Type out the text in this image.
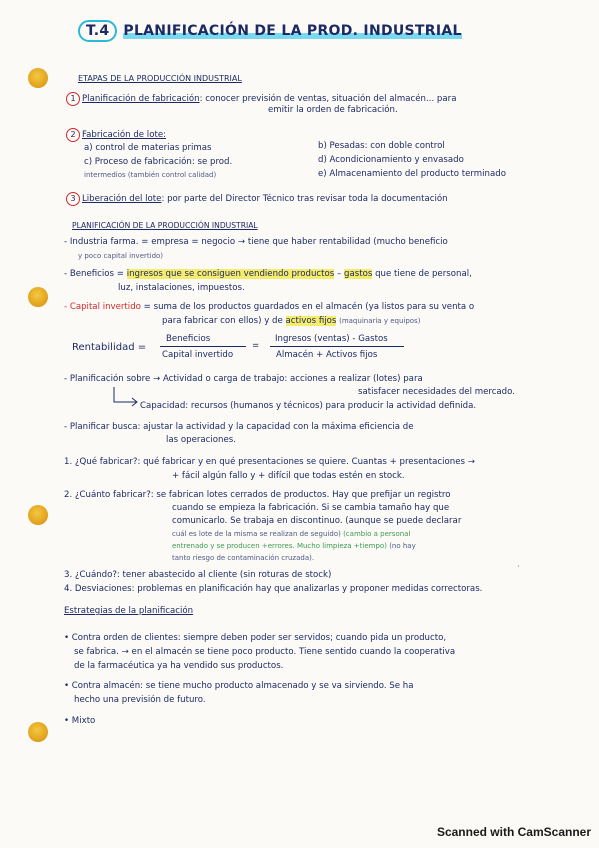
T.4 PLANIFICACIÓN DE LA PROD. INDUSTRIAL
ETAPAS DE LA PRODUCCIÓN INDUSTRIAL
1 Planificación de fabricación: conocer previsión de ventas, situación del almacén... para
emitir la orden de fabricación.
2 Fabricación de lote:
a) control de materias primas	b) Pesadas: con doble control
c) Proceso de fabricación: se prod.	d) Acondicionamiento y envasado
intermedios (también control calidad)	e) Almacenamiento del producto terminado
3 Liberación del lote: por parte del Director Técnico tras revisar toda la documentación
PLANIFICACIÓN DE LA PRODUCCIÓN INDUSTRIAL
- Industria farma. = empresa = negocio → tiene que haber rentabilidad (mucho beneficio
y poco capital invertido)
- Beneficios = ingresos que se consiguen vendiendo productos – gastos que tiene de personal,
luz, instalaciones, impuestos.
- Capital invertido = suma de los productos guardados en el almacén (ya listos para su venta o
para fabricar con ellos) y de activos fijos (maquinaria y equipos)
Rentabilidad =
Beneficios
Capital invertido
=
Ingresos (ventas) - Gastos
Almacén + Activos fijos
- Planificación sobre → Actividad o carga de trabajo: acciones a realizar (lotes) para
satisfacer necesidades del mercado.
Capacidad: recursos (humanos y técnicos) para producir la actividad definida.
- Planificar busca: ajustar la actividad y la capacidad con la máxima eficiencia de
las operaciones.
1. ¿Qué fabricar?: qué fabricar y en qué presentaciones se quiere. Cuantas + presentaciones →
+ fácil algún fallo y + difícil que todas estén en stock.
2. ¿Cuánto fabricar?: se fabrican lotes cerrados de productos. Hay que prefijar un registro
cuando se empieza la fabricación. Si se cambia tamaño hay que
comunicarlo. Se trabaja en discontinuo. (aunque se puede declarar
cuál es lote de la misma se realizan de seguido) (cambio a personal
entrenado y se producen +errores. Mucho limpieza +tiempo) (no hay
tanto riesgo de contaminación cruzada).
·
3. ¿Cuándo?: tener abastecido al cliente (sin roturas de stock)
4. Desviaciones: problemas en planificación hay que analizarlas y proponer medidas correctoras.
Estrategias de la planificación
• Contra orden de clientes: siempre deben poder ser servidos; cuando pida un producto,
se fabrica. → en el almacén se tiene poco producto. Tiene sentido cuando la cooperativa
de la farmacéutica ya ha vendido sus productos.
• Contra almacén: se tiene mucho producto almacenado y se va sirviendo. Se ha
hecho una previsión de futuro.
• Mixto
Scanned with CamScanner
